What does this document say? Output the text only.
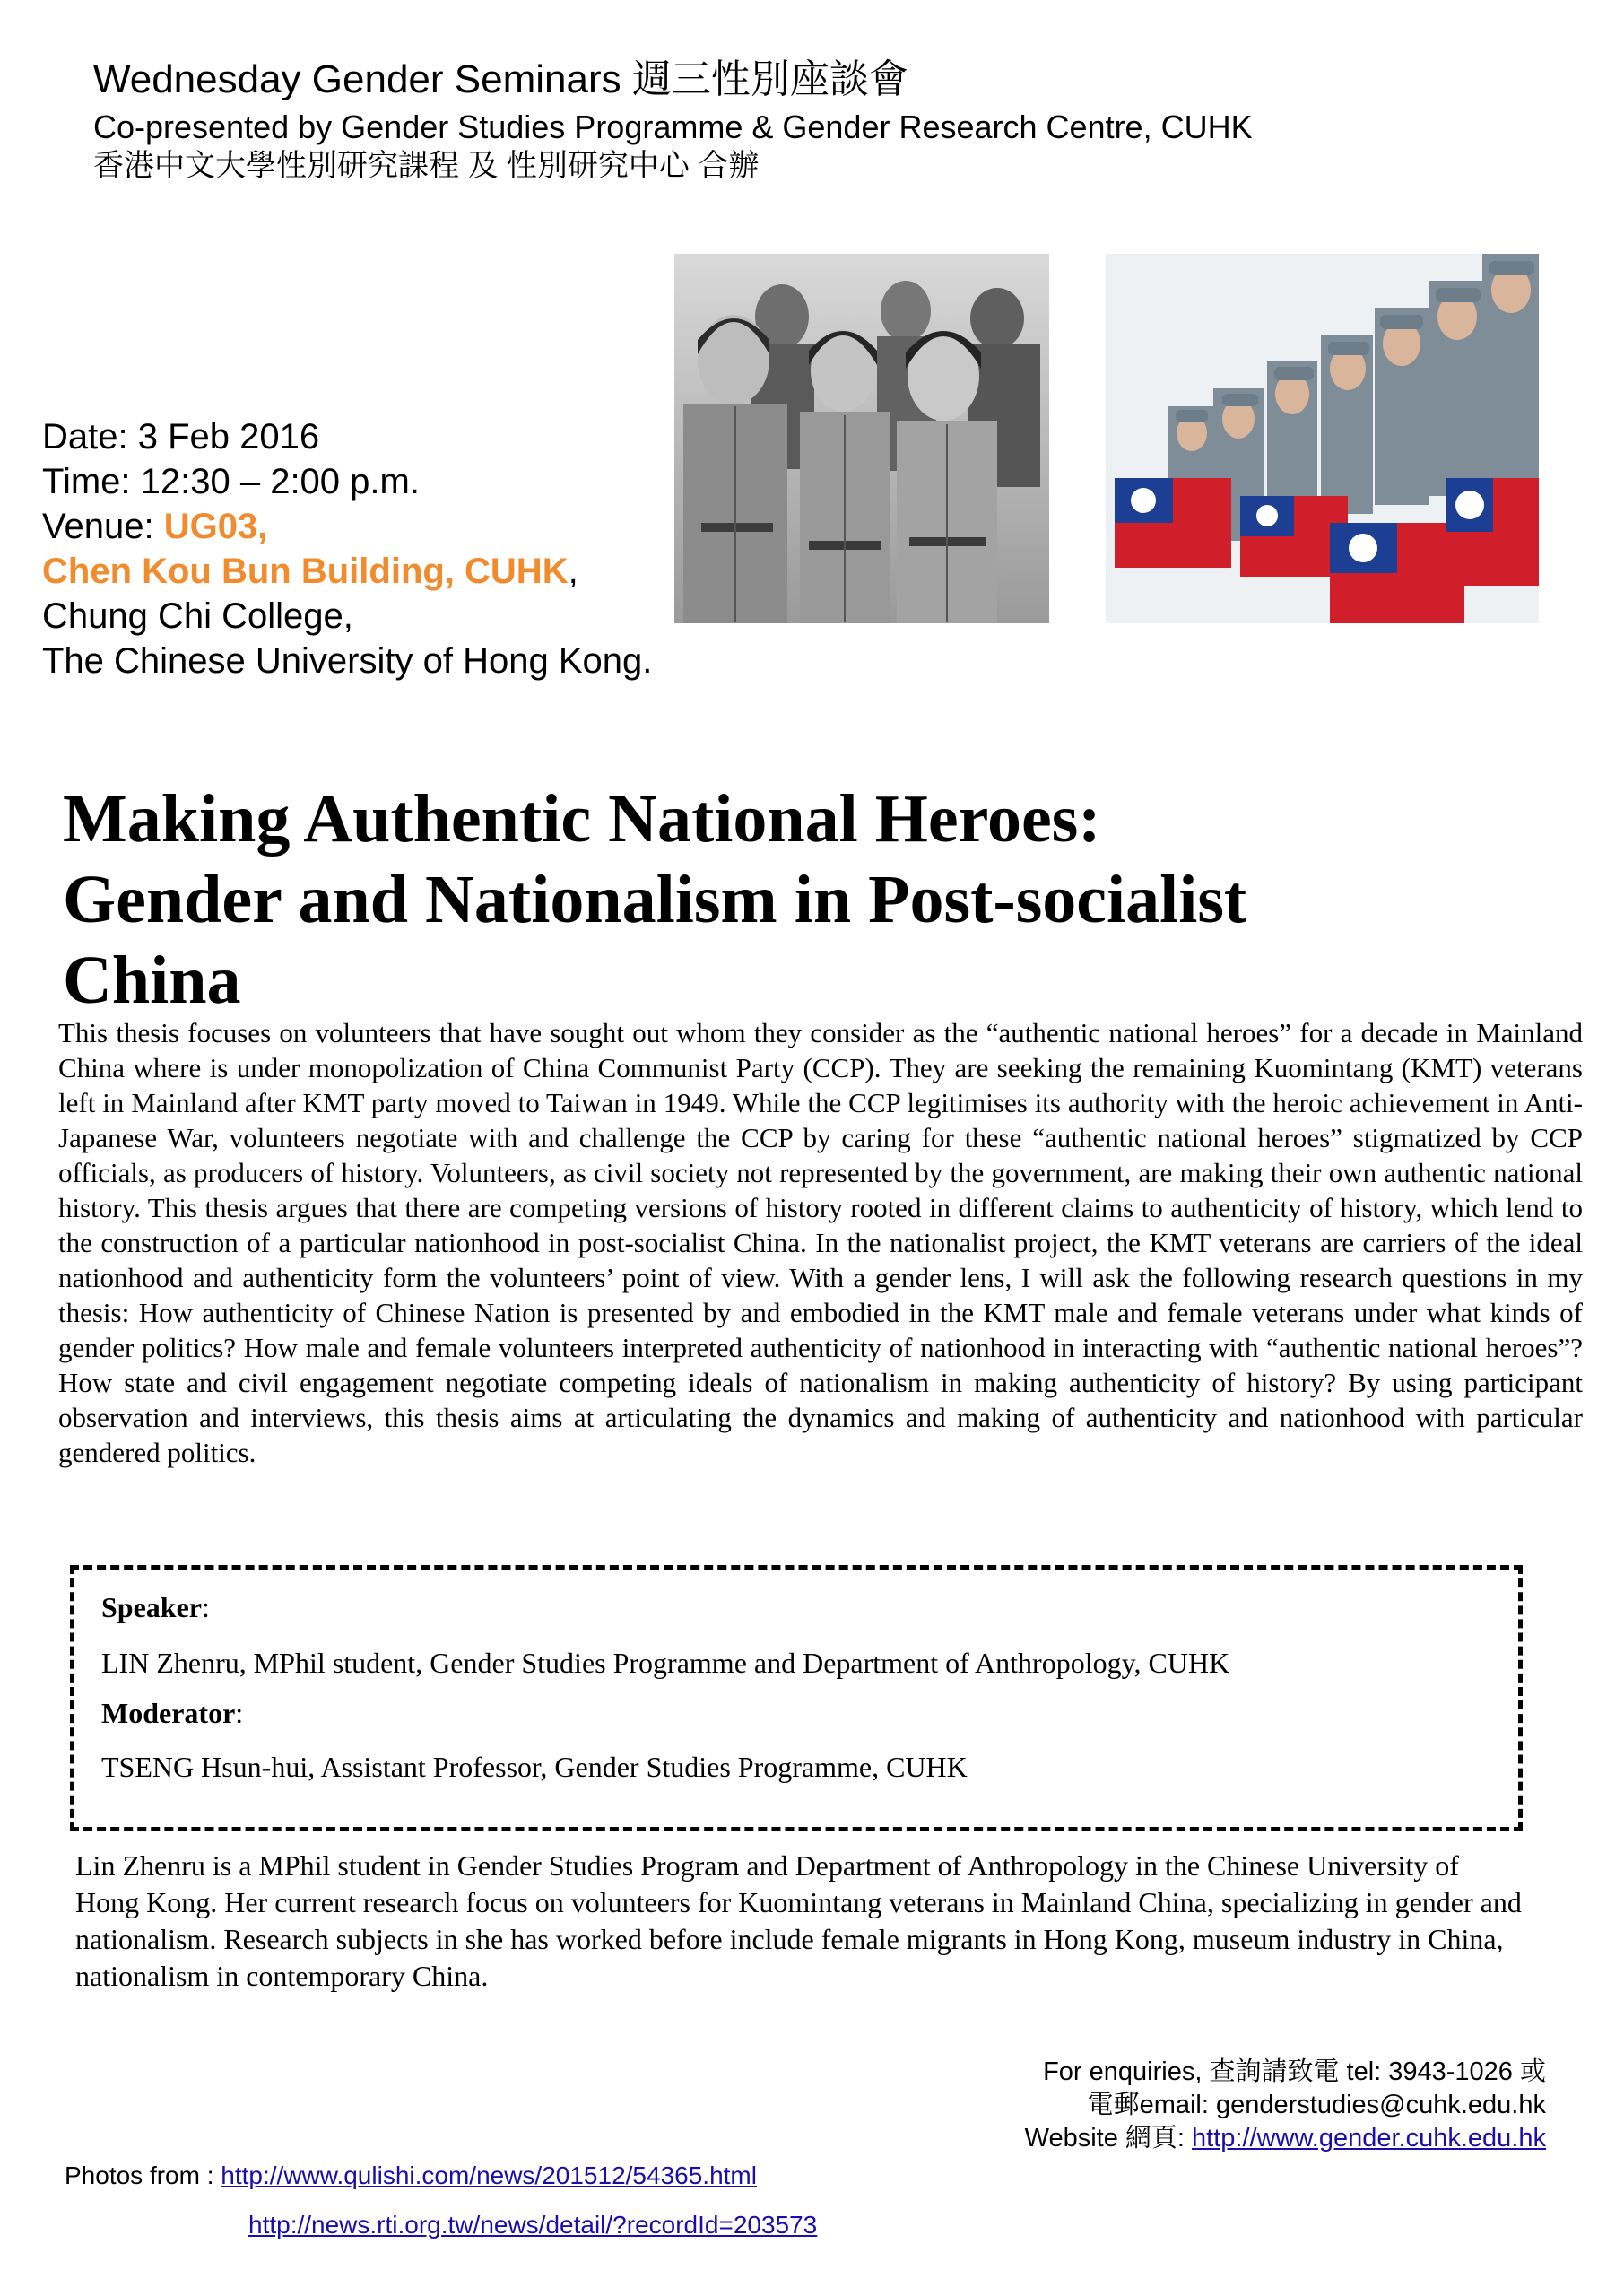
Wednesday Gender Seminars 週三性別座談會
Co-presented by Gender Studies Programme & Gender Research Centre, CUHK
香港中文大學性別研究課程 及 性別研究中心 合辦
Date: 3 Feb 2016
Time: 12:30 – 2:00 p.m.
Venue: UG03,
Chen Kou Bun Building, CUHK,
Chung Chi College,
The Chinese University of Hong Kong.
Making Authentic National Heroes:
Gender and Nationalism in Post-socialist
China
This thesis focuses on volunteers that have sought out whom they consider as the “authentic national heroes” for a decade in Mainland China where is under monopolization of China Communist Party (CCP). They are seeking the remaining Kuomintang (KMT) veterans left in Mainland after KMT party moved to Taiwan in 1949. While the CCP legitimises its authority with the heroic achievement in Anti-Japanese War, volunteers negotiate with and challenge the CCP by caring for these “authentic national heroes” stigmatized by CCP officials, as producers of history. Volunteers, as civil society not represented by the government, are making their own authentic national history. This thesis argues that there are competing versions of history rooted in different claims to authenticity of history, which lend to the construction of a particular nationhood in post-socialist China. In the nationalist project, the KMT veterans are carriers of the ideal nationhood and authenticity form the volunteers’ point of view. With a gender lens, I will ask the following research questions in my thesis: How authenticity of Chinese Nation is presented by and embodied in the KMT male and female veterans under what kinds of gender politics? How male and female volunteers interpreted authenticity of nationhood in interacting with “authentic national heroes”? How state and civil engagement negotiate competing ideals of nationalism in making authenticity of history? By using participant observation and interviews, this thesis aims at articulating the dynamics and making of authenticity and nationhood with particular gendered politics.
Speaker:
LIN Zhenru, MPhil student, Gender Studies Programme and Department of Anthropology, CUHK
Moderator:
TSENG Hsun-hui, Assistant Professor, Gender Studies Programme, CUHK
Lin Zhenru is a MPhil student in Gender Studies Program and Department of Anthropology in the Chinese University of Hong Kong. Her current research focus on volunteers for Kuomintang veterans in Mainland China, specializing in gender and nationalism. Research subjects in she has worked before include female migrants in Hong Kong, museum industry in China, nationalism in contemporary China.
For enquiries, 查詢請致電 tel: 3943-1026 或
電郵email: genderstudies@cuhk.edu.hk
Website 網頁: http://www.gender.cuhk.edu.hk
Photos from : http://www.qulishi.com/news/201512/54365.html
http://news.rti.org.tw/news/detail/?recordId=203573
